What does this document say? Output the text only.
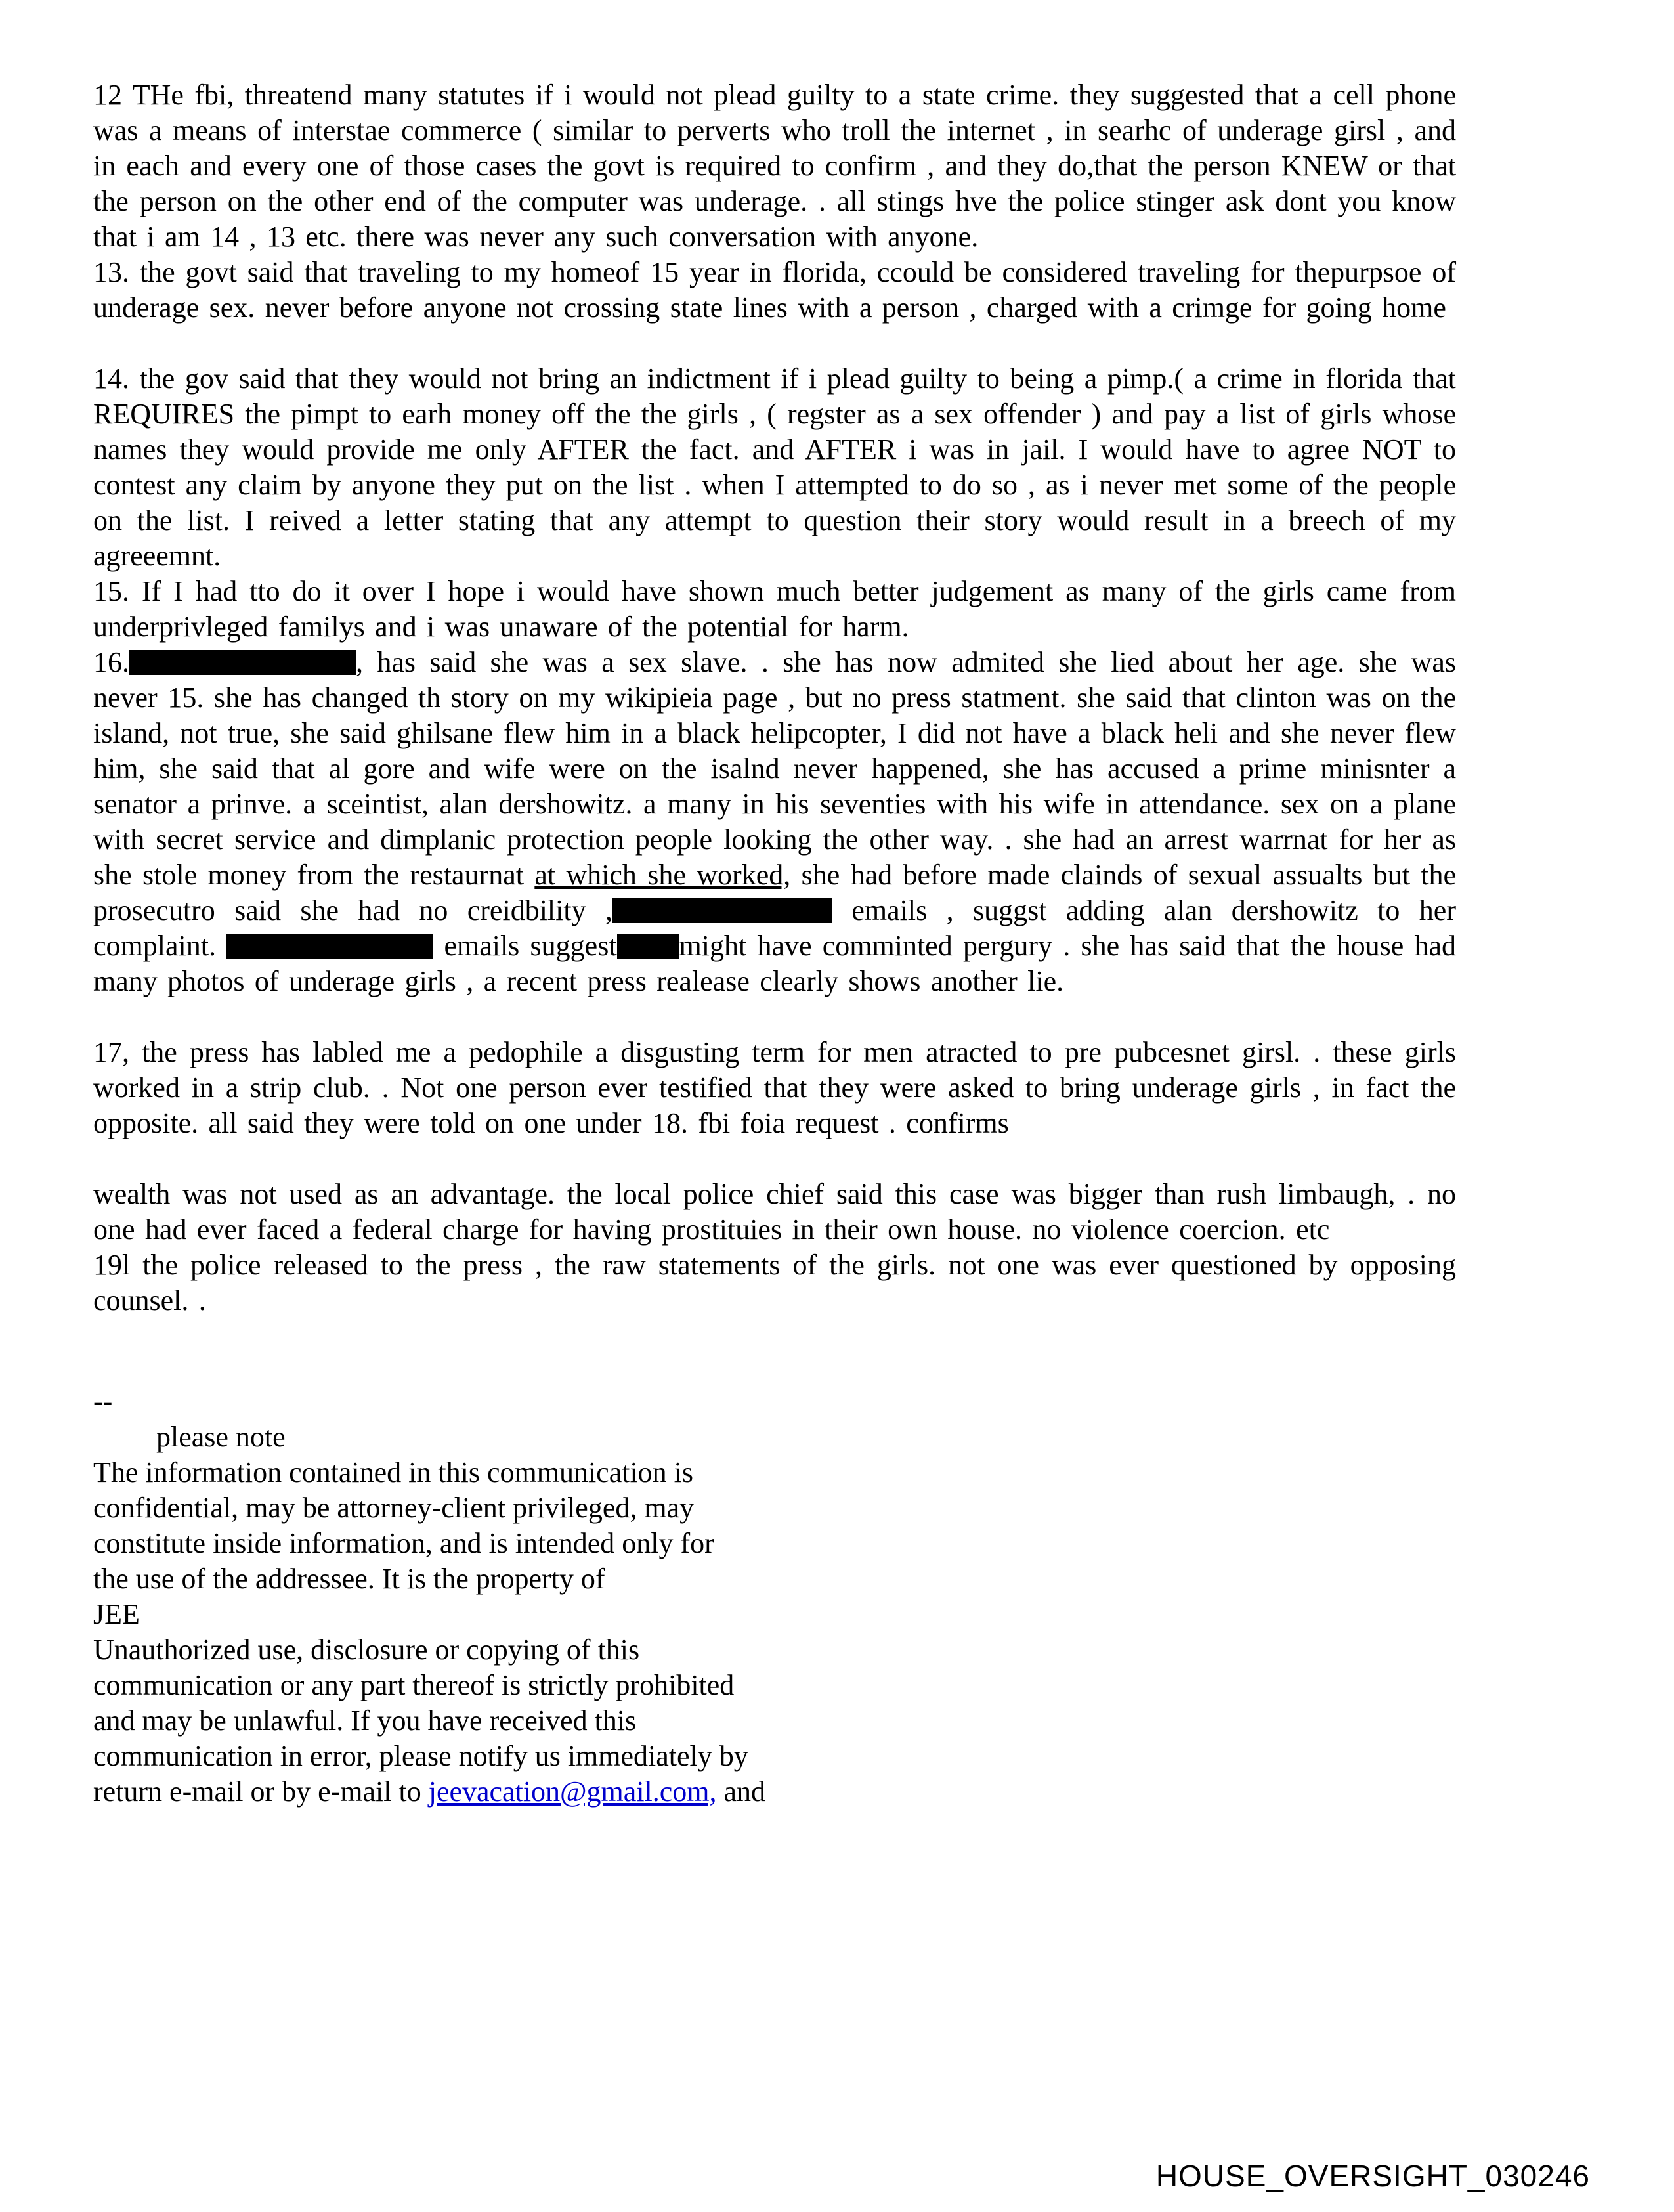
12 THe fbi, threatend many statutes if i would not plead guilty to a state crime. they suggested that a cell phone was a means of interstae commerce ( similar to perverts who troll the internet , in searhc of underage girsl , and in each and every one of those cases the govt is required to confirm , and they do,that the person KNEW or that the person on the other end of the computer was underage. . all stings hve the police stinger ask dont you know that i am 14 , 13 etc. there was never any such conversation with anyone.

13. the govt said that traveling to my homeof 15 year in florida, ccould be considered traveling for thepurpsoe of underage sex. never before anyone not crossing state lines with a person , charged with a crimge for going home

14. the gov said that they would not bring an indictment if i plead guilty to being a pimp.( a crime in florida that REQUIRES the pimpt to earh money off the the girls , ( regster as a sex offender ) and pay a list of girls whose names they would provide me only AFTER the fact. and AFTER i was in jail. I would have to agree NOT to contest any claim by anyone they put on the list . when I attempted to do so , as i never met some of the people on the list. I reived a letter stating that any attempt to question their story would result in a breech of my agreeemnt.

15. If I had tto do it over I hope i would have shown much better judgement as many of the girls came from underprivleged familys and i was unaware of the potential for harm.

16.	, has said she was a sex slave. . she has now admited she lied about her age. she was never 15. she has changed th story on my wikipieia page , but no press statment. she said that clinton was on the island, not true, she said ghilsane flew him in a black helipcopter, I did not have a black heli and she never flew him, she said that al gore and wife were on the isalnd never happened, she has accused a prime minisnter a senator a prinve. a sceintist, alan dershowitz. a many in his seventies with his wife in attendance. sex on a plane with secret service and dimplanic protection people looking the other way. . she had an arrest warrnat for her as she stole money from the restaurnat at which she worked, she had before made clainds of sexual assualts but the prosecutro said she had no creidbility ,	emails , suggst adding alan dershowitz to her complaint.	emails suggest might have comminted pergury . she has said that the house had many photos of underage girls , a recent press realease clearly shows another lie.

17, the press has labled me a pedophile a disgusting term for men atracted to pre pubcesnet girsl. . these girls worked in a strip club. . Not one person ever testified that they were asked to bring underage girls , in fact the opposite. all said they were told on one under 18. fbi foia request . confirms

wealth was not used as an advantage. the local police chief said this case was bigger than rush limbaugh, . no one had ever faced a federal charge for having prostituies in their own house. no violence coercion. etc

19l the police released to the press , the raw statements of the girls. not one was ever questioned by opposing counsel. .

--

please note
The information contained in this communication is
confidential, may be attorney-client privileged, may
constitute inside information, and is intended only for
the use of the addressee. It is the property of
JEE
Unauthorized use, disclosure or copying of this
communication or any part thereof is strictly prohibited
and may be unlawful. If you have received this
communication in error, please notify us immediately by
return e-mail or by e-mail to jeevacation@gmail.com, and
HOUSE_OVERSIGHT_030246
